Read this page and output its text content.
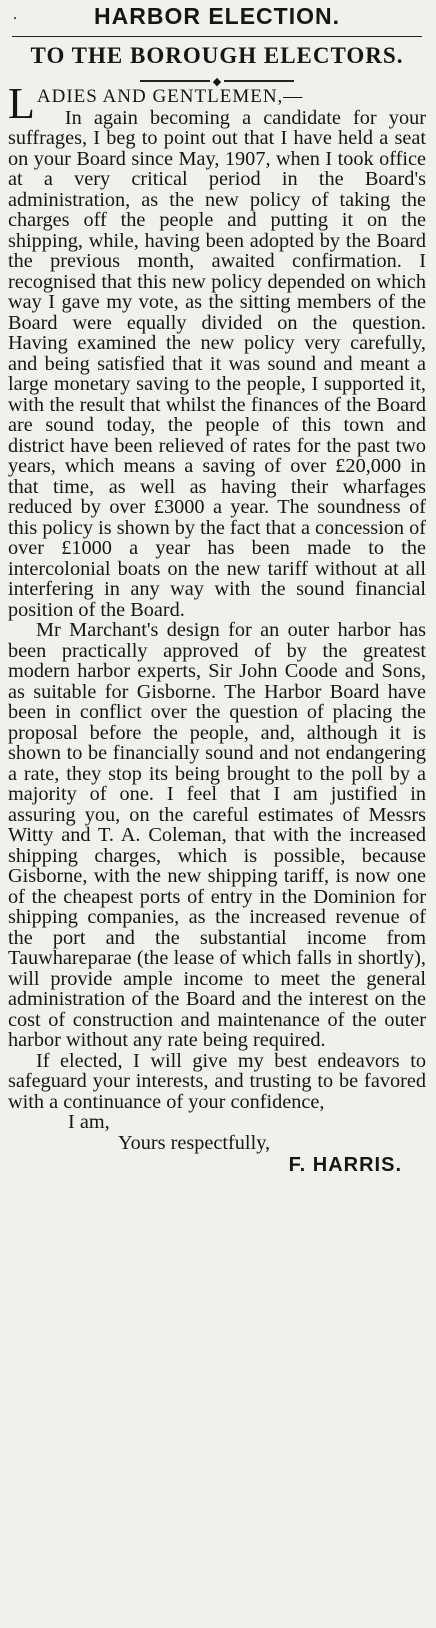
.	HARBOR ELECTION.
TO THE BOROUGH ELECTORS.
◆
LADIES AND GENTLEMEN,—

In again becoming a candidate for your suffrages, I beg to point out that I have held a seat on your Board since May, 1907, when I took office at a very critical period in the Board's administration, as the new policy of taking the charges off the people and putting it on the shipping, while, having been adopted by the Board the previous month, awaited confirmation. I recognised that this new policy depended on which way I gave my vote, as the sitting members of the Board were equally divided on the question. Having examined the new policy very carefully, and being satisfied that it was sound and meant a large monetary saving to the people, I supported it, with the result that whilst the finances of the Board are sound today, the people of this town and district have been relieved of rates for the past two years, which means a saving of over £20,000 in that time, as well as having their wharfages reduced by over £3000 a year. The soundness of this policy is shown by the fact that a concession of over £1000 a year has been made to the intercolonial boats on the new tariff without at all interfering in any way with the sound financial position of the Board.

Mr Marchant's design for an outer harbor has been practically approved of by the greatest modern harbor experts, Sir John Coode and Sons, as suitable for Gisborne. The Harbor Board have been in conflict over the question of placing the proposal before the people, and, although it is shown to be financially sound and not endangering a rate, they stop its being brought to the poll by a majority of one. I feel that I am justified in assuring you, on the careful estimates of Messrs Witty and T. A. Coleman, that with the increased shipping charges, which is possible, because Gisborne, with the new shipping tariff, is now one of the cheapest ports of entry in the Dominion for shipping companies, as the increased revenue of the port and the substantial income from Tauwhareparae (the lease of which falls in shortly), will provide ample income to meet the general administration of the Board and the interest on the cost of construction and maintenance of the outer harbor without any rate being required.

If elected, I will give my best endeavors to safeguard your interests, and trusting to be favored with a continuance of your confidence,

I am,
Yours respectfully,

F. HARRIS.
